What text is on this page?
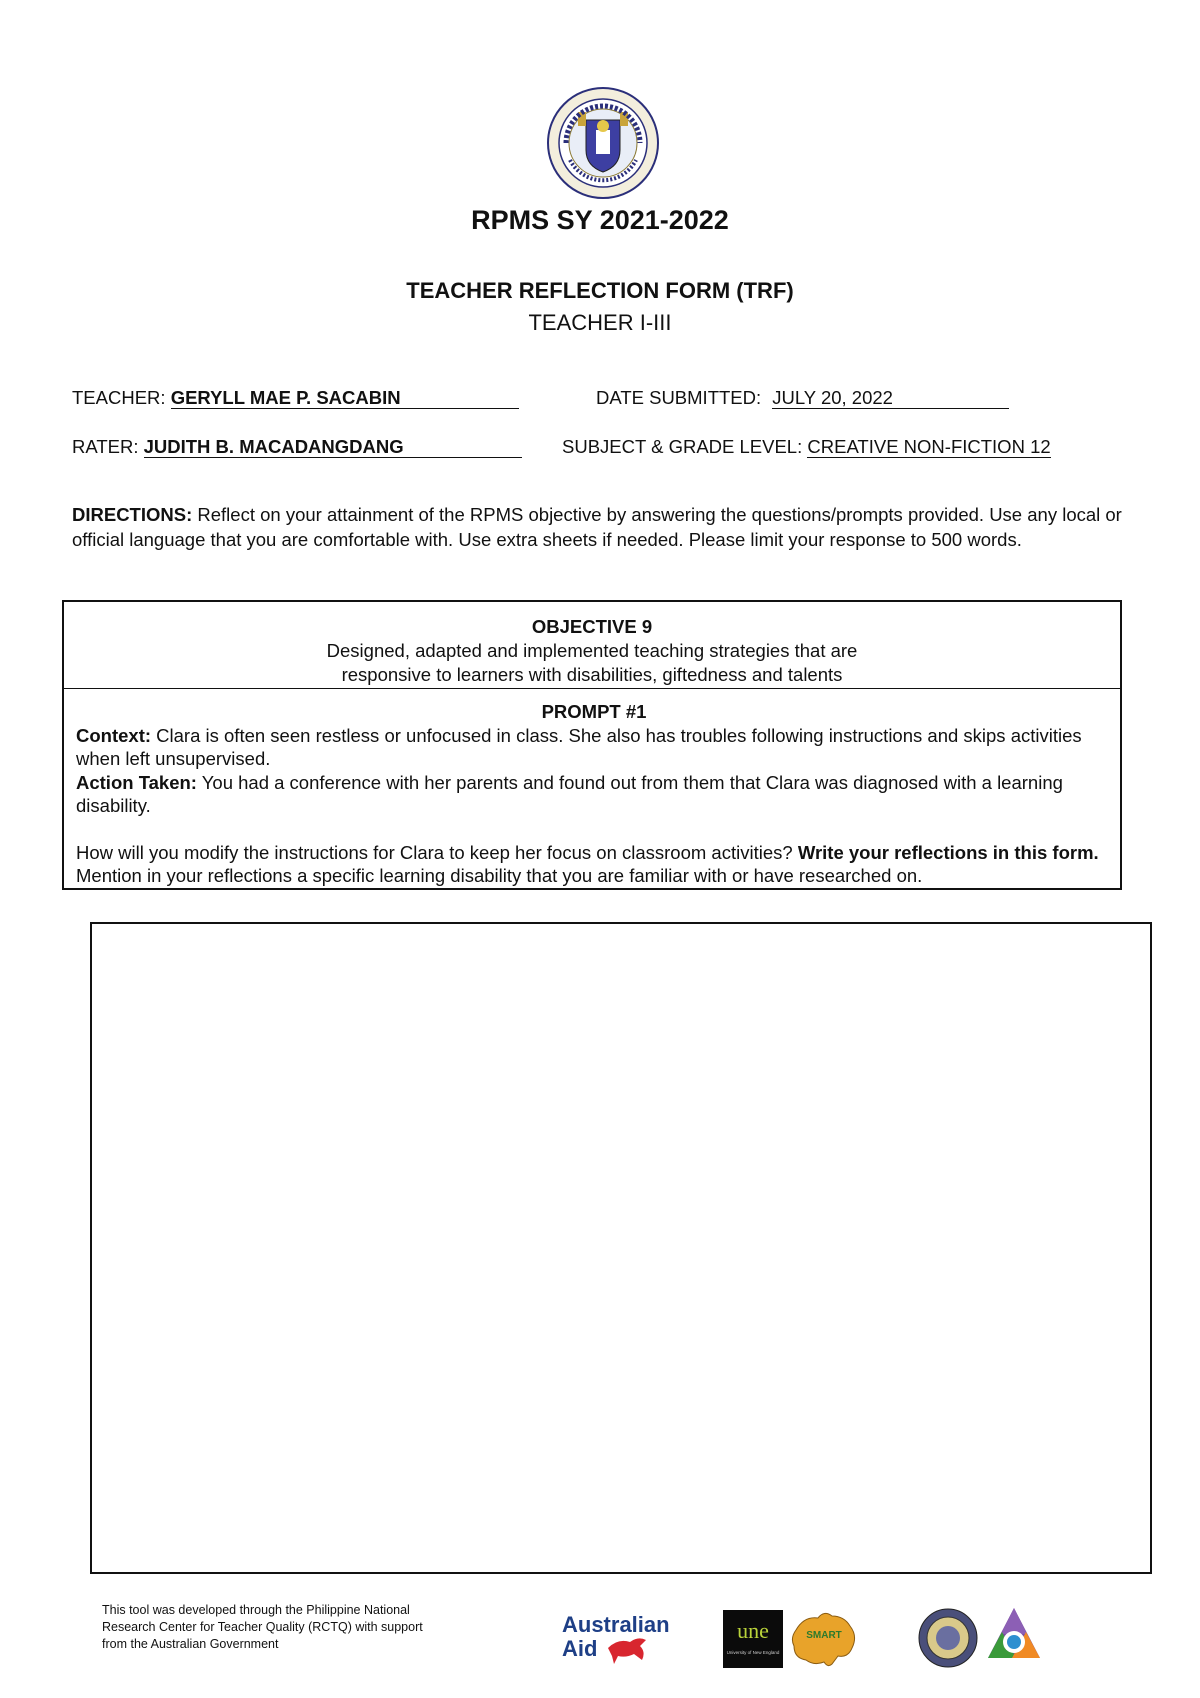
RPMS SY 2021-2022
TEACHER REFLECTION FORM (TRF)
TEACHER I-III
TEACHER: GERYLL MAE P. SACABIN	DATE SUBMITTED: JULY 20, 2022
RATER: JUDITH B. MACADANGDANG	SUBJECT & GRADE LEVEL: CREATIVE NON-FICTION 12
DIRECTIONS: Reflect on your attainment of the RPMS objective by answering the questions/prompts provided. Use any local or official language that you are comfortable with. Use extra sheets if needed. Please limit your response to 500 words.
OBJECTIVE 9
Designed, adapted and implemented teaching strategies that are
responsive to learners with disabilities, giftedness and talents
PROMPT #1

Context: Clara is often seen restless or unfocused in class. She also has troubles following instructions and skips activities when left unsupervised.

Action Taken: You had a conference with her parents and found out from them that Clara was diagnosed with a learning disability.

How will you modify the instructions for Clara to keep her focus on classroom activities? Write your reflections in this form. Mention in your reflections a specific learning disability that you are familiar with or have researched on.

This tool was developed through the Philippine National
Research Center for Teacher Quality (RCTQ) with support
from the Australian Government
Australian
Aid
une
University of New England
SMART
